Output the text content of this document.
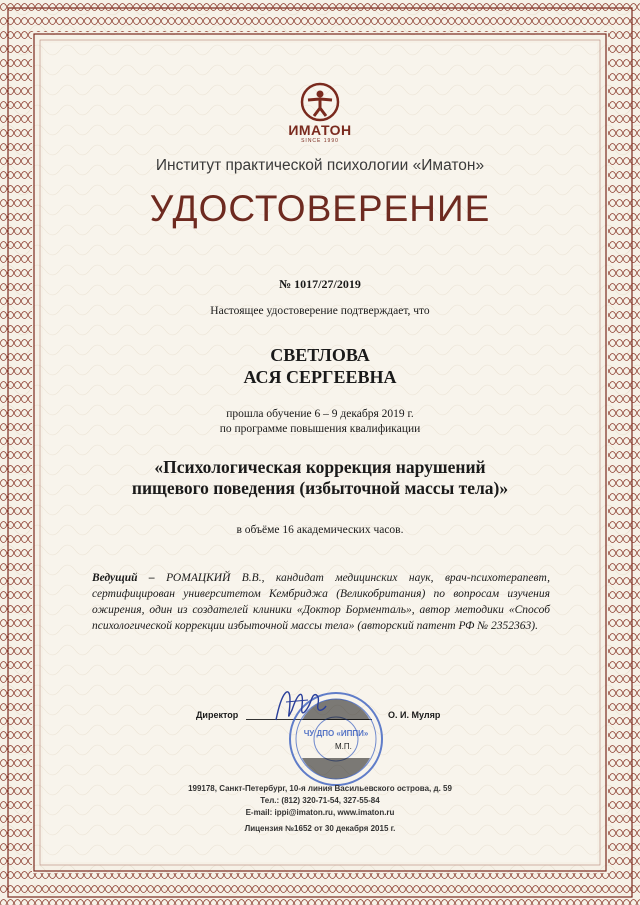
ИМАТОН
SINCE 1990
Институт практической психологии «Иматон»
УДОСТОВЕРЕНИЕ
№ 1017/27/2019
Настоящее удостоверение подтверждает, что
СВЕТЛОВА
АСЯ СЕРГЕЕВНА
прошла обучение 6 – 9 декабря 2019 г.
по программе повышения квалификации
«Психологическая коррекция нарушений
пищевого поведения (избыточной массы тела)»
в объёме 16 академических часов.
Ведущий – РОМАЦКИЙ В.В., кандидат медицинских наук, врач-психотерапевт, сертифицирован университетом Кембриджа (Великобритания) по вопросам изучения ожирения, один из создателей клиники «Доктор Борменталь», автор методики «Способ психологической коррекции избыточной массы тела» (авторский патент РФ № 2352363).
Директор	О. И. Муляр
ЧУ ДПО «ИППИ»
М.П.
199178, Санкт-Петербург, 10-я линия Васильевского острова, д. 59
Тел.: (812) 320-71-54, 327-55-84
E-mail: ippi@imaton.ru, www.imaton.ru
Лицензия №1652 от 30 декабря 2015 г.
